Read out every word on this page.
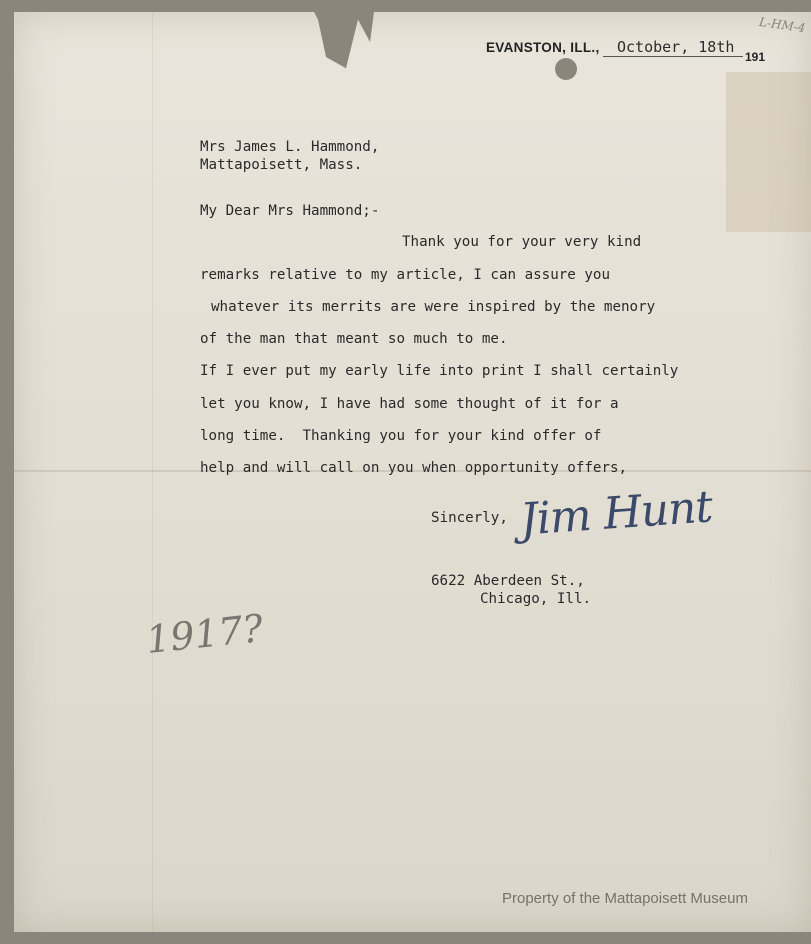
L-HM-4
EVANSTON, ILL.,	October, 18th
191
Mrs James L. Hammond,
Mattapoisett, Mass.
My Dear Mrs Hammond;-
Thank you for your very kind
remarks relative to my article, I can assure you
whatever its merrits are were inspired by the menory
of the man that meant so much to me.
If I ever put my early life into print I shall certainly
let you know, I have had some thought of it for a
long time.  Thanking you for your kind offer of
help and will call on you when opportunity offers,
Sincerly, Jim Hunt
6622 Aberdeen St.,
Chicago, Ill.
1917?
Property of the Mattapoisett Museum
